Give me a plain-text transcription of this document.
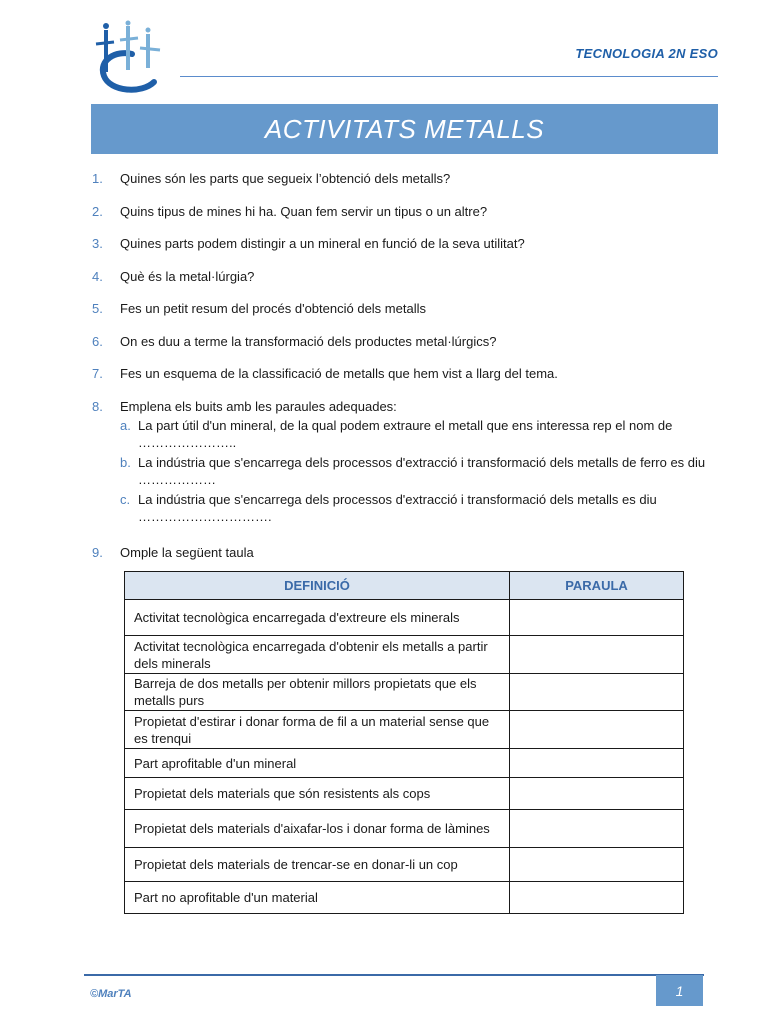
TECNOLOGIA 2N ESO
ACTIVITATS METALLS
1. Quines són les parts que segueix l’obtenció dels metalls?
2. Quins tipus de mines hi ha. Quan fem servir un tipus o un altre?
3. Quines parts podem distingir a un mineral en funció de la seva utilitat?
4. Què és la metal·lúrgia?
5. Fes un petit resum del procés d'obtenció dels metalls
6. On es duu a terme la transformació dels productes metal·lúrgics?
7. Fes un esquema de la classificació de metalls que hem vist a llarg del tema.
8. Emplena els buits amb les paraules adequades:
a. La part útil d'un mineral, de la qual podem extraure el metall que ens interessa rep el nom de …………………..
b. La indústria que s'encarrega dels processos d'extracció i transformació dels metalls de ferro es diu ………………
c. La indústria que s'encarrega dels processos d'extracció i transformació dels metalls es diu ………………………….
9. Omple la següent taula
DEFINICIÓ	PARAULA
Activitat tecnològica encarregada d'extreure els minerals	
Activitat tecnològica encarregada d'obtenir els metalls a partir dels minerals	
Barreja de dos metalls per obtenir millors propietats que els metalls purs	
Propietat d'estirar i donar forma de fil a un material sense que es trenqui	
Part aprofitable d'un mineral	
Propietat dels materials que són resistents als cops	
Propietat dels materials d'aixafar-los i donar forma de làmines	
Propietat dels materials de trencar-se en donar-li un cop	
Part no aprofitable d'un material	
©MarTA	1
